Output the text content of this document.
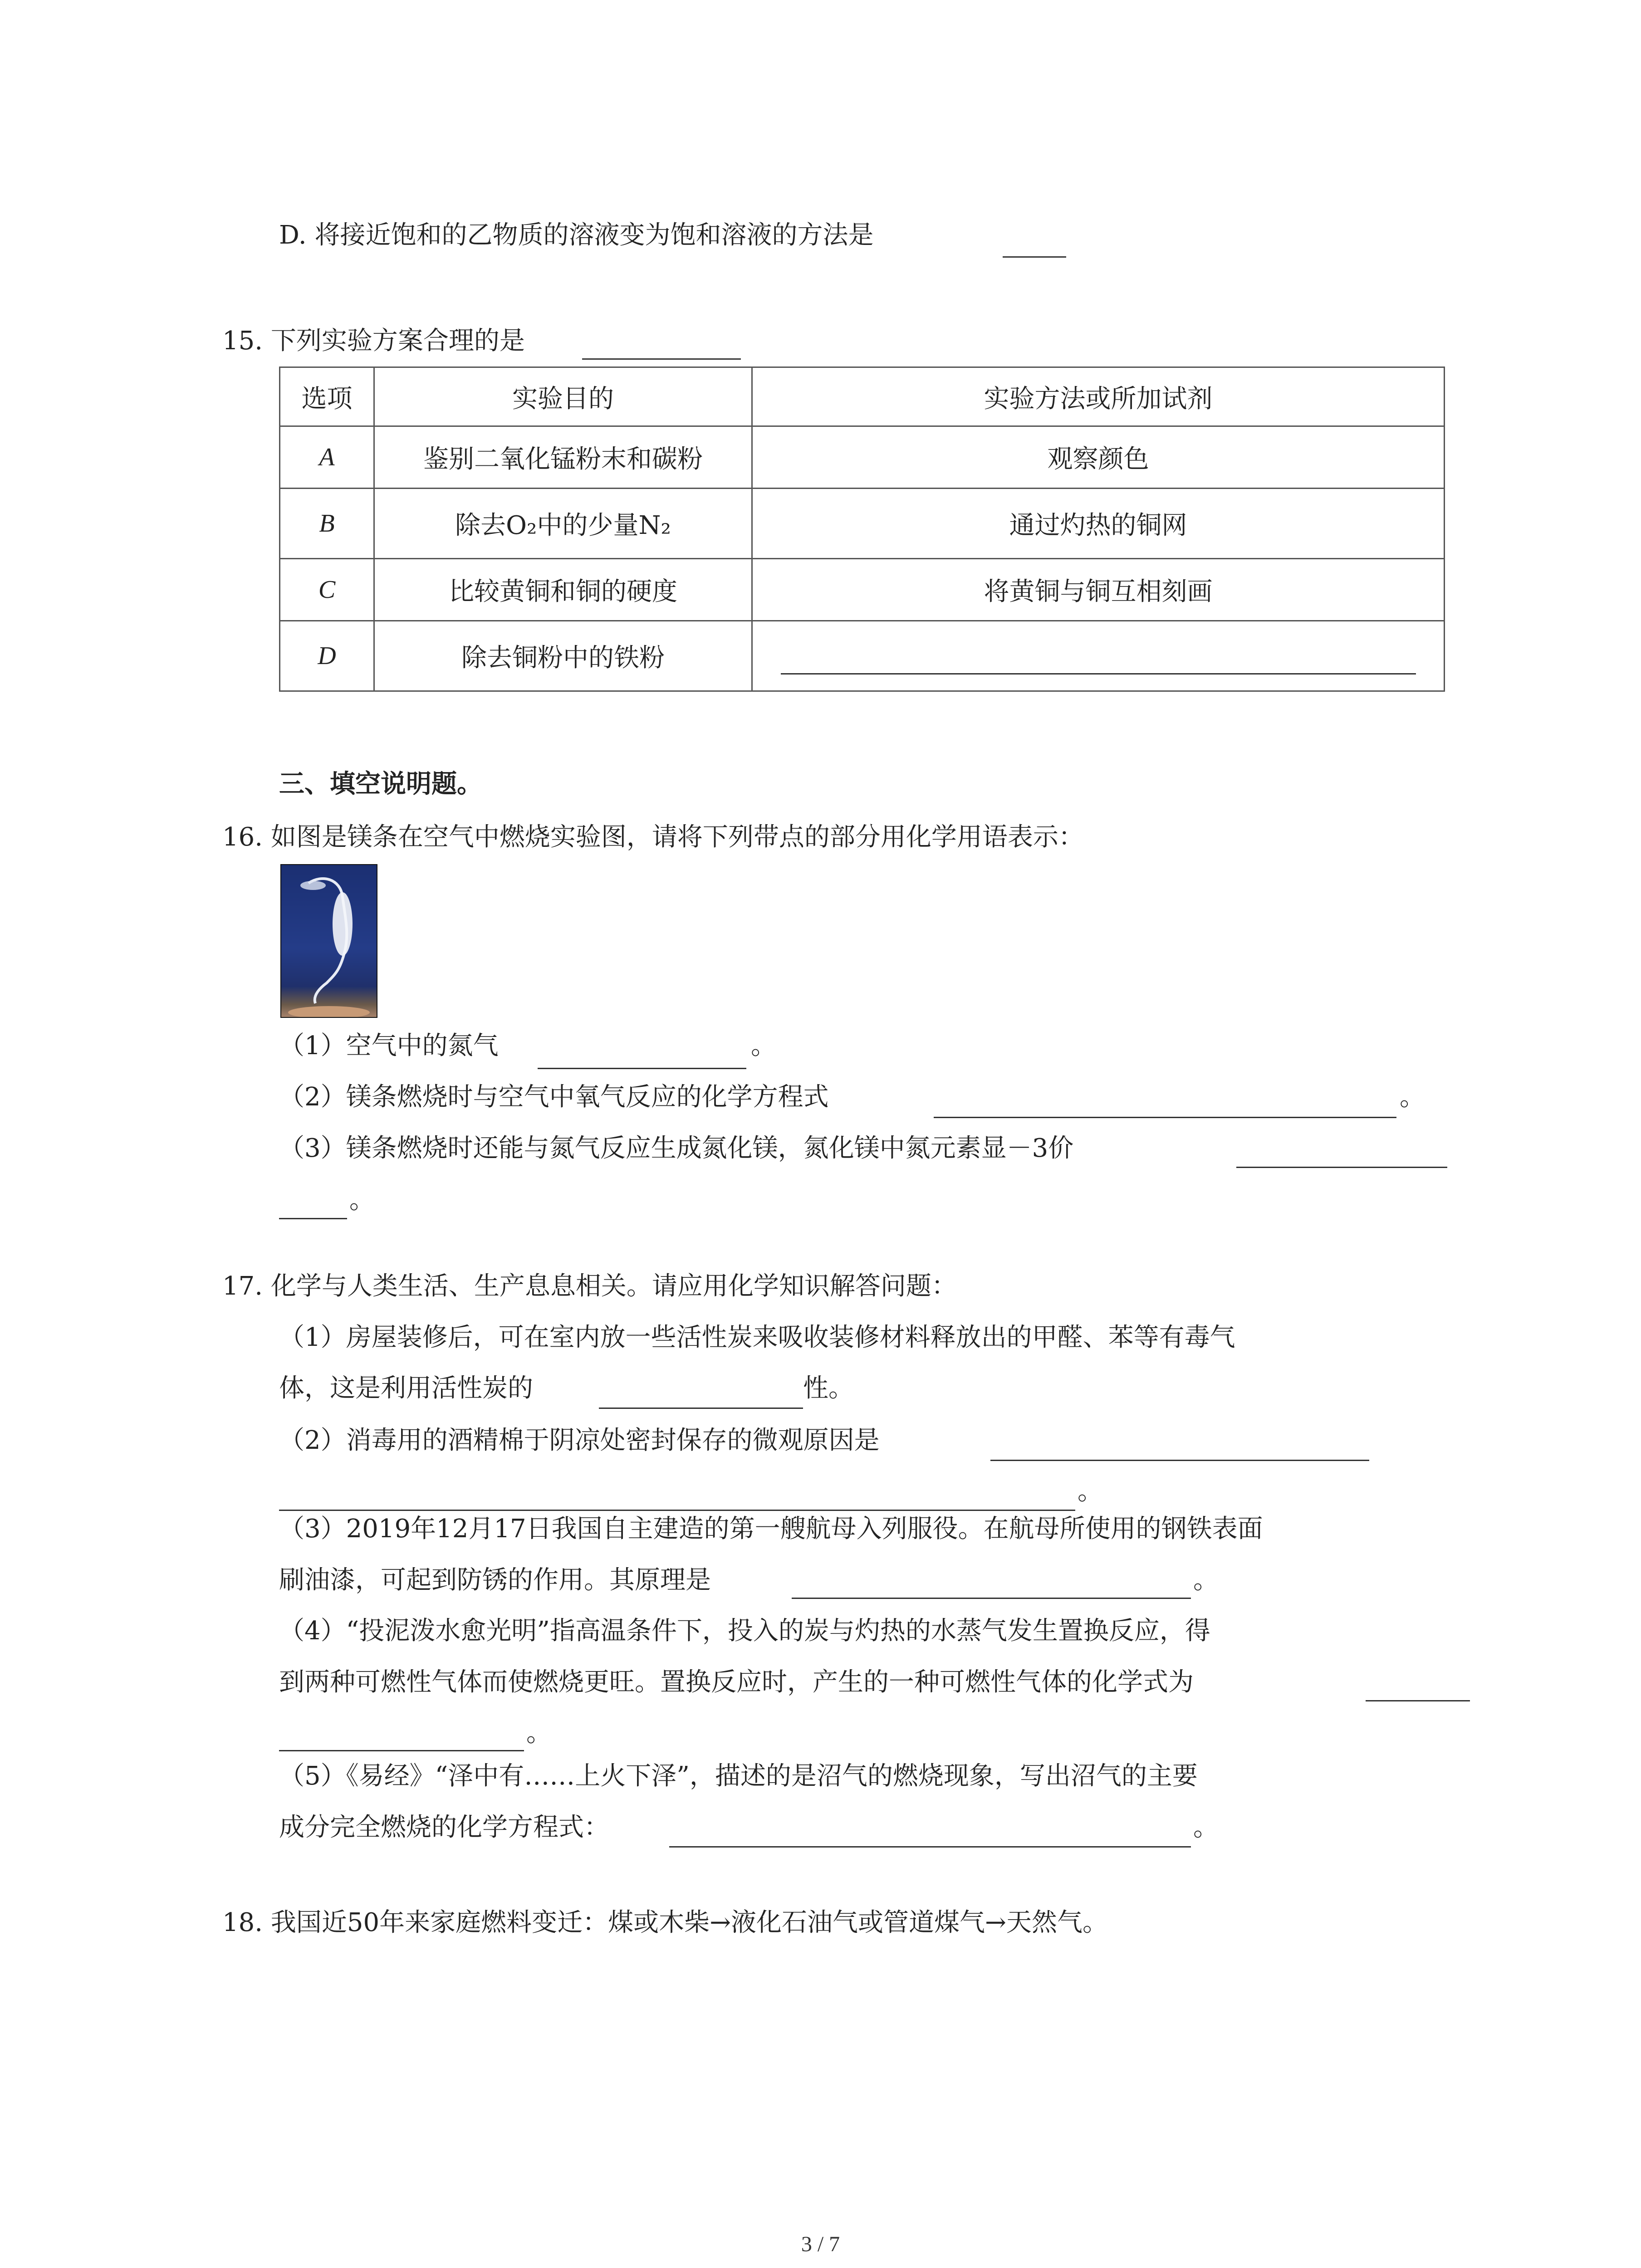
D. 将接近饱和的乙物质的溶液变为饱和溶液的方法是
15. 下列实验方案合理的是
选项	实验目的	实验方法或所加试剂
A	鉴别二氧化锰粉末和碳粉	观察颜色
B	除去O₂中的少量N₂	通过灼热的铜网
C	比较黄铜和铜的硬度	将黄铜与铜互相刻画
D	除去铜粉中的铁粉	
三、填空说明题。
16. 如图是镁条在空气中燃烧实验图，请将下列带点的部分用化学用语表示：
（1）空气中的氮气	。
（2）镁条燃烧时与空气中氧气反应的化学方程式	。
（3）镁条燃烧时还能与氮气反应生成氮化镁，氮化镁中氮元素显－3价
。
17. 化学与人类生活、生产息息相关。请应用化学知识解答问题：
（1）房屋装修后，可在室内放一些活性炭来吸收装修材料释放出的甲醛、苯等有毒气
体，这是利用活性炭的	性。
（2）消毒用的酒精棉于阴凉处密封保存的微观原因是
。
（3）2019年12月17日我国自主建造的第一艘航母入列服役。在航母所使用的钢铁表面
刷油漆，可起到防锈的作用。其原理是	。
（4）“投泥泼水愈光明”指高温条件下，投入的炭与灼热的水蒸气发生置换反应，得
到两种可燃性气体而使燃烧更旺。置换反应时，产生的一种可燃性气体的化学式为
。
（5）《易经》“泽中有……上火下泽”，描述的是沼气的燃烧现象，写出沼气的主要
成分完全燃烧的化学方程式：	。
18. 我国近50年来家庭燃料变迁：煤或木柴→液化石油气或管道煤气→天然气。
3 / 7
